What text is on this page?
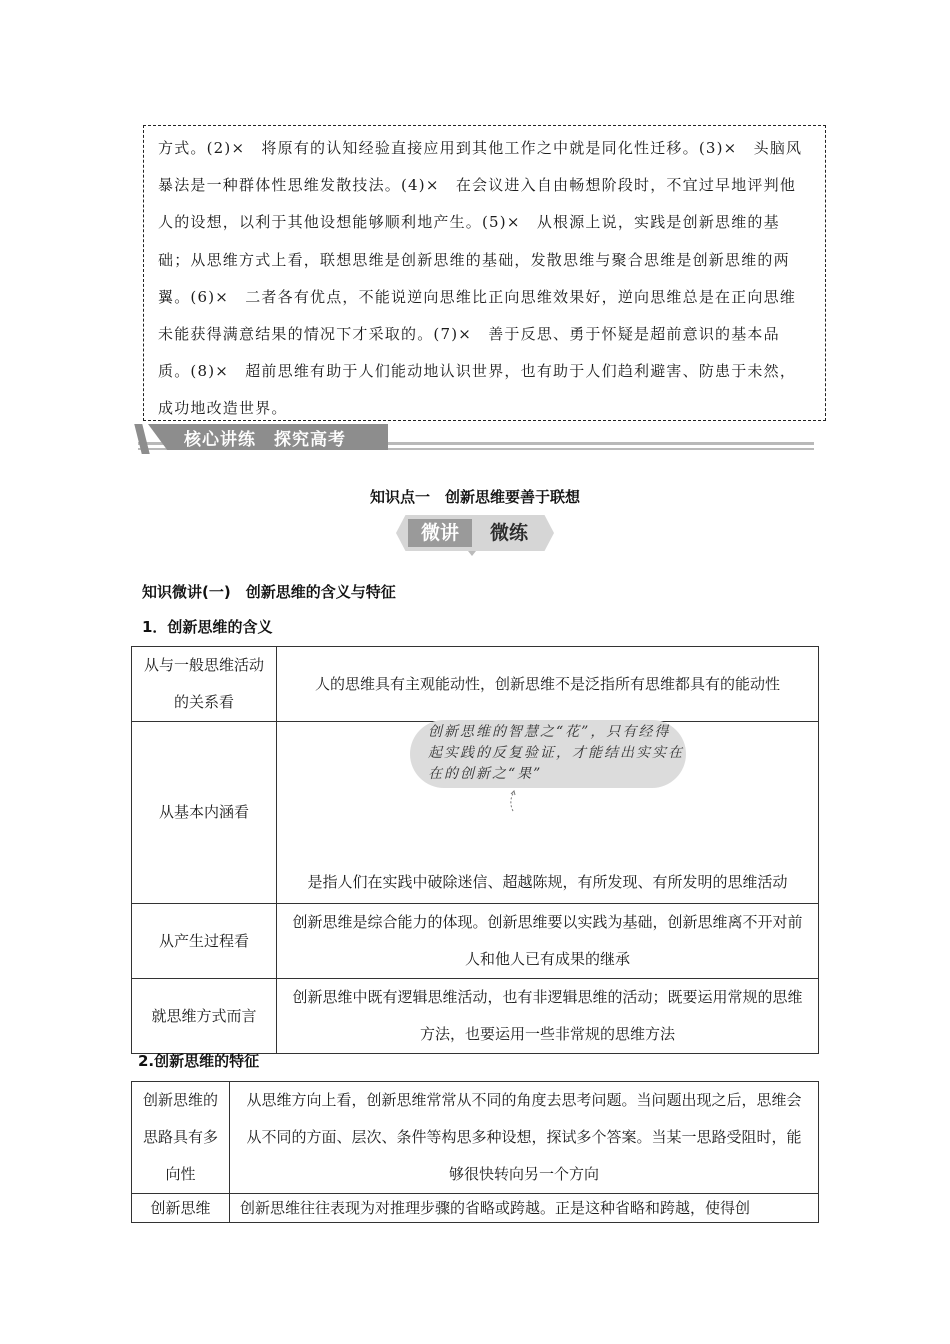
方式。(2)×　将原有的认知经验直接应用到其他工作之中就是同化性迁移。(3)×　头脑风

暴法是一种群体性思维发散技法。(4)×　在会议进入自由畅想阶段时，不宜过早地评判他

人的设想，以利于其他设想能够顺利地产生。(5)×　从根源上说，实践是创新思维的基

础；从思维方式上看，联想思维是创新思维的基础，发散思维与聚合思维是创新思维的两

翼。(6)×　二者各有优点，不能说逆向思维比正向思维效果好，逆向思维总是在正向思维

未能获得满意结果的情况下才采取的。(7)×　善于反思、勇于怀疑是超前意识的基本品

质。(8)×　超前思维有助于人们能动地认识世界，也有助于人们趋利避害、防患于未然，

成功地改造世界。

核心讲练　探究高考
知识点一　创新思维要善于联想
微讲	微练
知识微讲(一)　创新思维的含义与特征
1．创新思维的含义
从与一般思维活动的关系看	人的思维具有主观能动性，创新思维不是泛指所有思维都具有的能动性
从基本内涵看	是指人们在实践中破除迷信、超越陈规，有所发现、有所发明的思维活动
从产生过程看	创新思维是综合能力的体现。创新思维要以实践为基础，创新思维离不开对前人和他人已有成果的继承
就思维方式而言	创新思维中既有逻辑思维活动，也有非逻辑思维的活动；既要运用常规的思维方法，也要运用一些非常规的思维方法
创新思维的智慧之“花”，只有经得起实践的反复验证，才能结出实实在在的创新之“果”
2.创新思维的特征
创新思维的思路具有多向性	从思维方向上看，创新思维常常从不同的角度去思考问题。当问题出现之后，思维会从不同的方面、层次、条件等构思多种设想，探试多个答案。当某一思路受阻时，能够很快转向另一个方向
创新思维	创新思维往往表现为对推理步骤的省略或跨越。正是这种省略和跨越，使得创
